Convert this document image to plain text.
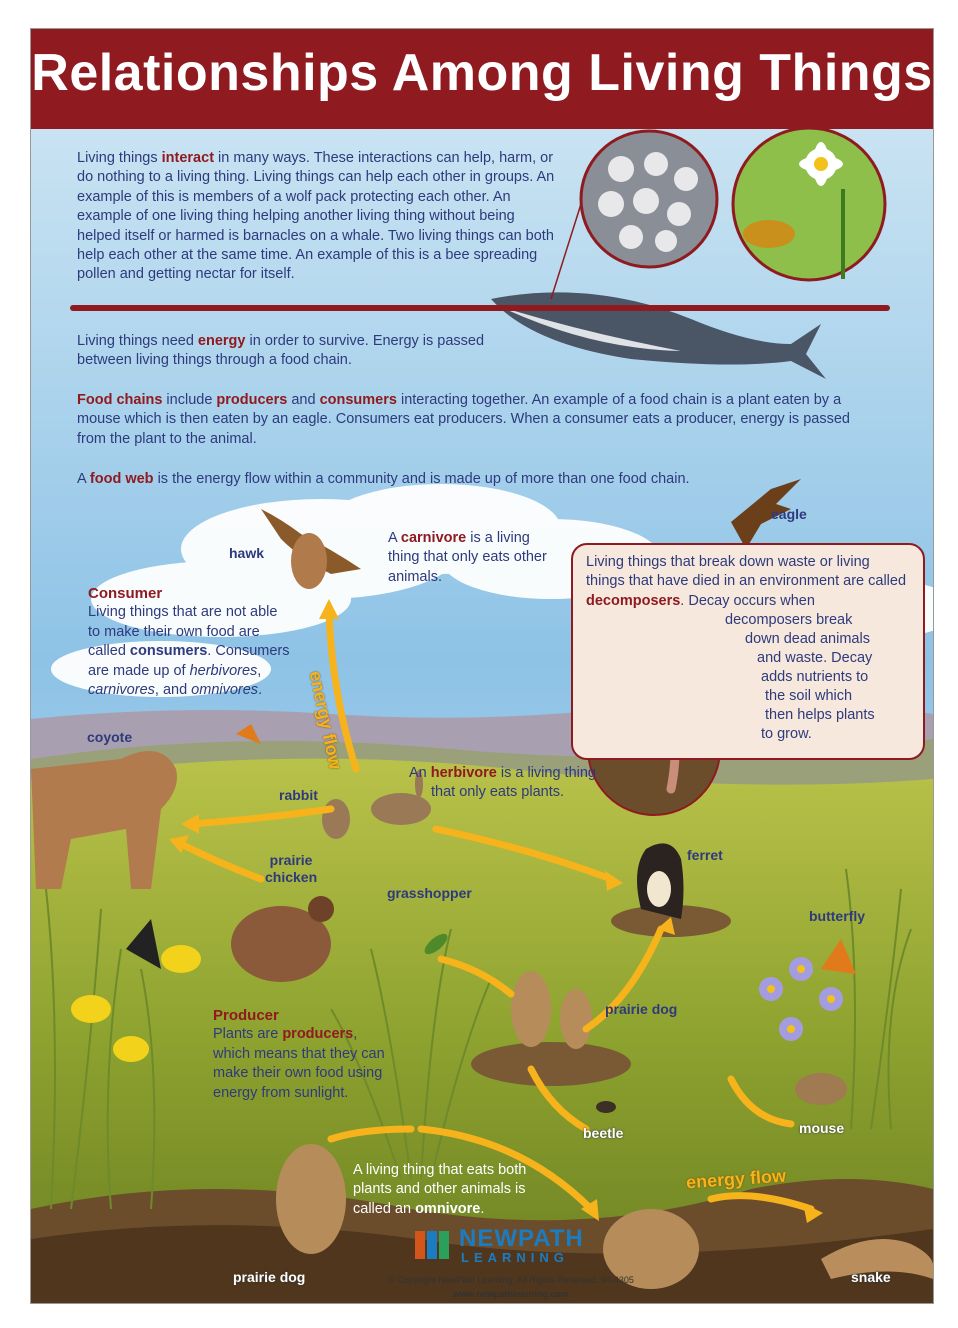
Relationships Among Living Things
Living things interact in many ways. These interactions can help, harm, or do nothing to a living thing. Living things can help each other in groups. An example of this is members of a wolf pack protecting each other. An example of one living thing helping another living thing without being helped itself or harmed is barnacles on a whale. Two living things can both help each other at the same time. An example of this is a bee spreading pollen and getting nectar for itself.
Living things need energy in order to survive. Energy is passed between living things through a food chain.
Food chains include producers and consumers interacting together. An example of a food chain is a plant eaten by a mouse which is then eaten by an eagle. Consumers eat producers. When a consumer eats a producer, energy is passed from the plant to the animal.
A food web is the energy flow within a community and is made up of more than one food chain.
A carnivore is a living thing that only eats other animals.
Consumer
Living things that are not able to make their own food are called consumers. Consumers are made up of herbivores, carnivores, and omnivores.
Living things that break down waste or living things that have died in an environment are called decomposers. Decay occurs when
decomposers break
down dead animals
and waste. Decay
adds nutrients to
the soil which
then helps plants
to grow.
An herbivore is a living thing
that only eats plants.
Producer
Plants are producers, which means that they can make their own food using energy from sunlight.
A living thing that eats both plants and other animals is called an omnivore.
eagle
hawk
coyote
rabbit
ferret
prairie
chicken
grasshopper
butterfly
prairie dog
beetle	mouse
prairie dog	snake
energy flow
energy flow
NEWPATH
LEARNING
© Copyright NewPath Learning. All Rights Reserved. 94-4305
www.newpathlearning.com
